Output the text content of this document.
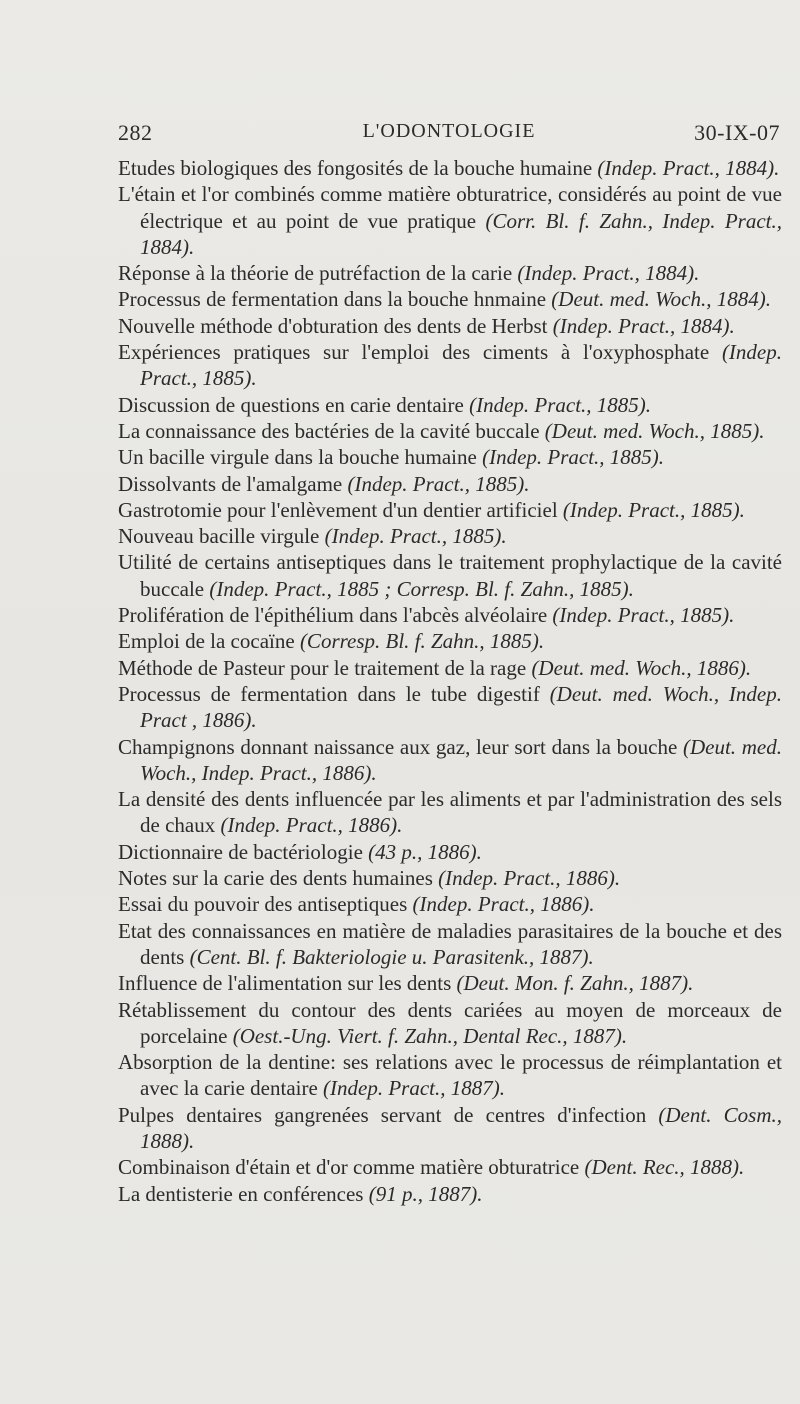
282	L'ODONTOLOGIE	30-IX-07
Etudes biologiques des fongosités de la bouche humaine (Indep. Pract., 1884).
L'étain et l'or combinés comme matière obturatrice, considérés au point de vue électrique et au point de vue pratique (Corr. Bl. f. Zahn., Indep. Pract., 1884).
Réponse à la théorie de putréfaction de la carie (Indep. Pract., 1884).
Processus de fermentation dans la bouche hnmaine (Deut. med. Woch., 1884).
Nouvelle méthode d'obturation des dents de Herbst (Indep. Pract., 1884).
Expériences pratiques sur l'emploi des ciments à l'oxyphosphate (Indep. Pract., 1885).
Discussion de questions en carie dentaire (Indep. Pract., 1885).
La connaissance des bactéries de la cavité buccale (Deut. med. Woch., 1885).
Un bacille virgule dans la bouche humaine (Indep. Pract., 1885).
Dissolvants de l'amalgame (Indep. Pract., 1885).
Gastrotomie pour l'enlèvement d'un dentier artificiel (Indep. Pract., 1885).
Nouveau bacille virgule (Indep. Pract., 1885).
Utilité de certains antiseptiques dans le traitement prophylactique de la cavité buccale (Indep. Pract., 1885 ; Corresp. Bl. f. Zahn., 1885).
Prolifération de l'épithélium dans l'abcès alvéolaire (Indep. Pract., 1885).
Emploi de la cocaïne (Corresp. Bl. f. Zahn., 1885).
Méthode de Pasteur pour le traitement de la rage (Deut. med. Woch., 1886).
Processus de fermentation dans le tube digestif (Deut. med. Woch., Indep. Pract , 1886).
Champignons donnant naissance aux gaz, leur sort dans la bouche (Deut. med. Woch., Indep. Pract., 1886).
La densité des dents influencée par les aliments et par l'administration des sels de chaux (Indep. Pract., 1886).
Dictionnaire de bactériologie (43 p., 1886).
Notes sur la carie des dents humaines (Indep. Pract., 1886).
Essai du pouvoir des antiseptiques (Indep. Pract., 1886).
Etat des connaissances en matière de maladies parasitaires de la bouche et des dents (Cent. Bl. f. Bakteriologie u. Parasitenk., 1887).
Influence de l'alimentation sur les dents (Deut. Mon. f. Zahn., 1887).
Rétablissement du contour des dents cariées au moyen de morceaux de porcelaine (Oest.-Ung. Viert. f. Zahn., Dental Rec., 1887).
Absorption de la dentine: ses relations avec le processus de réimplantation et avec la carie dentaire (Indep. Pract., 1887).
Pulpes dentaires gangrenées servant de centres d'infection (Dent. Cosm., 1888).
Combinaison d'étain et d'or comme matière obturatrice (Dent. Rec., 1888).
La dentisterie en conférences (91 p., 1887).
